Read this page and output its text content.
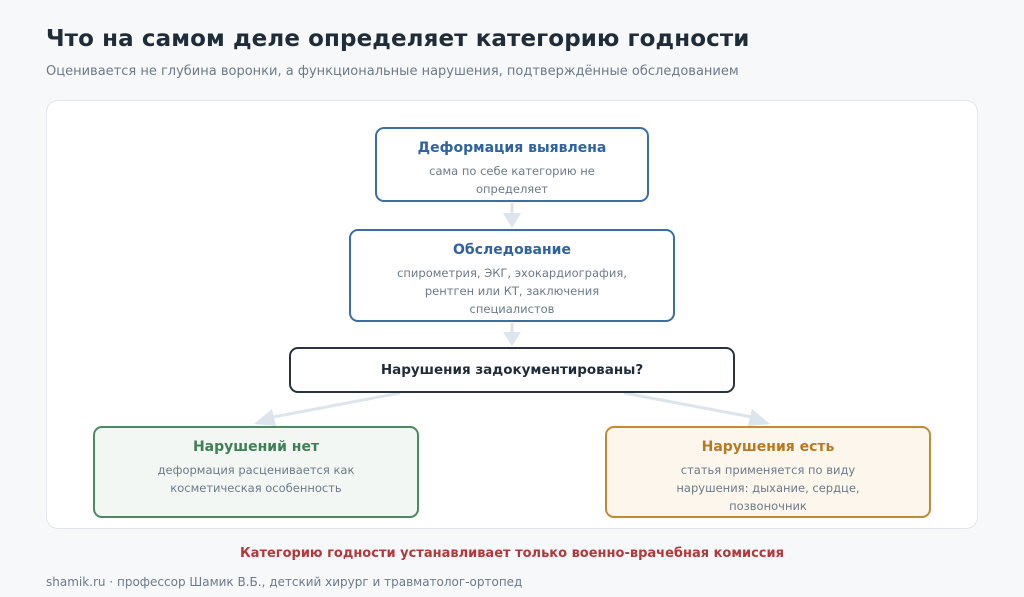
Что на самом деле определяет категорию годности
Оценивается не глубина воронки, а функциональные нарушения, подтверждённые обследованием
Деформация выявлена
сама по себе категорию не определяет
Обследование
спирометрия, ЭКГ, эхокардиография, рентген или КТ, заключения специалистов
Нарушения задокументированы?
Нарушений нет
деформация расценивается как косметическая особенность
Нарушения есть
статья применяется по виду нарушения: дыхание, сердце, позвоночник
Категорию годности устанавливает только военно-врачебная комиссия
shamik.ru · профессор Шамик В.Б., детский хирург и травматолог-ортопед
